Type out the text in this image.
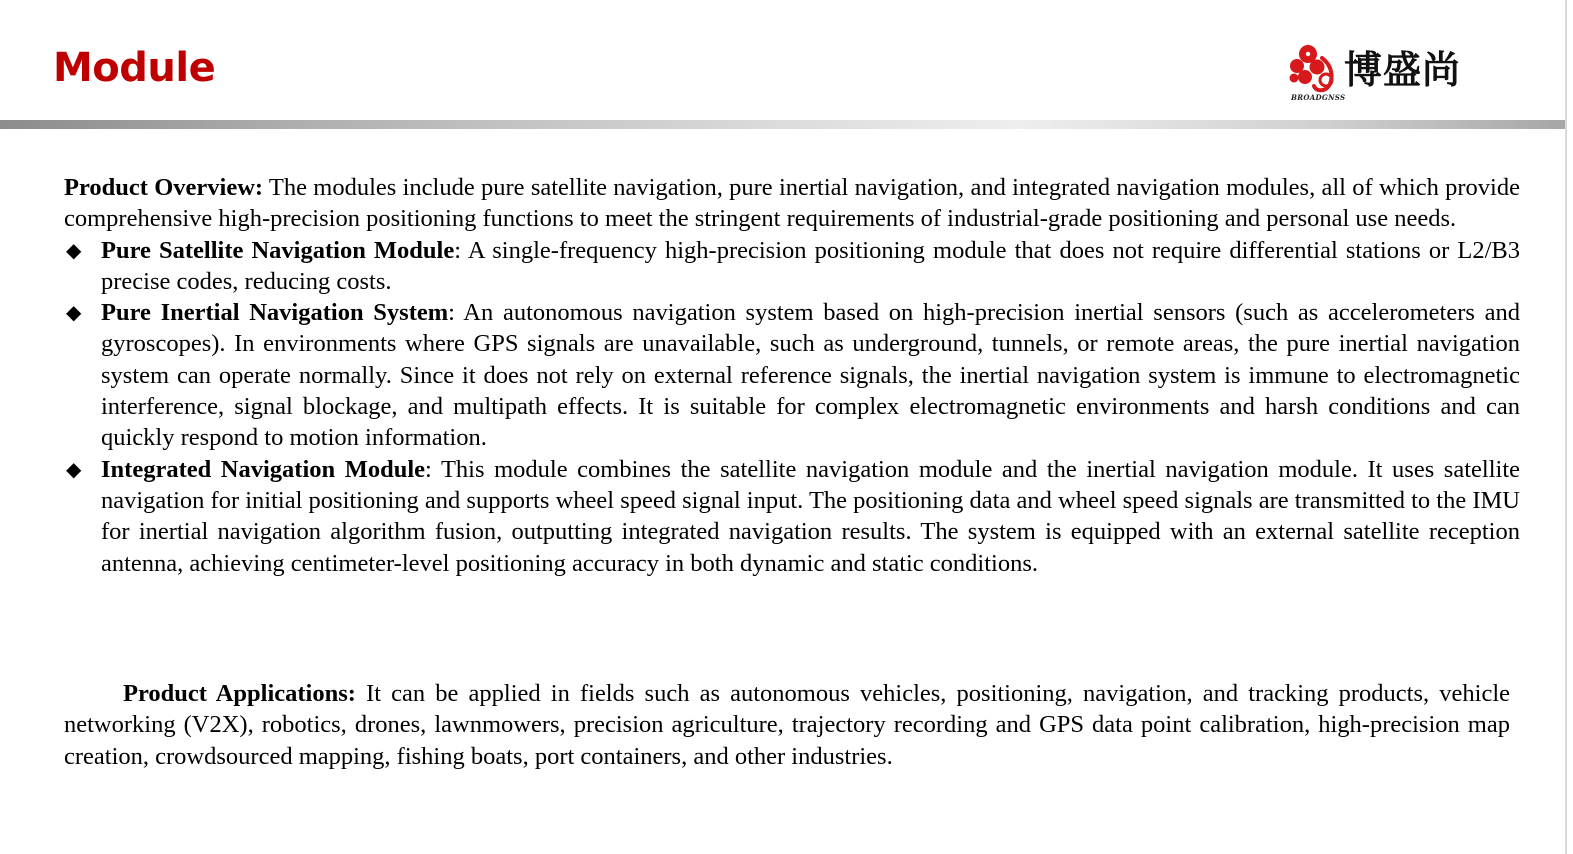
Module	博盛尚
BROADGNSS

Product Overview: The modules include pure satellite navigation, pure inertial navigation, and integrated navigation modules, all of which provide comprehensive high-precision positioning functions to meet the stringent requirements of industrial-grade positioning and personal use needs.

◆ Pure Satellite Navigation Module: A single-frequency high-precision positioning module that does not require differential stations or L2/B3 precise codes, reducing costs.
◆ Pure Inertial Navigation System: An autonomous navigation system based on high-precision inertial sensors (such as accelerometers and gyroscopes). In environments where GPS signals are unavailable, such as underground, tunnels, or remote areas, the pure inertial navigation system can operate normally. Since it does not rely on external reference signals, the inertial navigation system is immune to electromagnetic interference, signal blockage, and multipath effects. It is suitable for complex electromagnetic environments and harsh conditions and can quickly respond to motion information.
◆ Integrated Navigation Module: This module combines the satellite navigation module and the inertial navigation module. It uses satellite navigation for initial positioning and supports wheel speed signal input. The positioning data and wheel speed signals are transmitted to the IMU for inertial navigation algorithm fusion, outputting integrated navigation results. The system is equipped with an external satellite reception antenna, achieving centimeter-level positioning accuracy in both dynamic and static conditions.

Product Applications: It can be applied in fields such as autonomous vehicles, positioning, navigation, and tracking products, vehicle networking (V2X), robotics, drones, lawnmowers, precision agriculture, trajectory recording and GPS data point calibration, high-precision map creation, crowdsourced mapping, fishing boats, port containers, and other industries.
